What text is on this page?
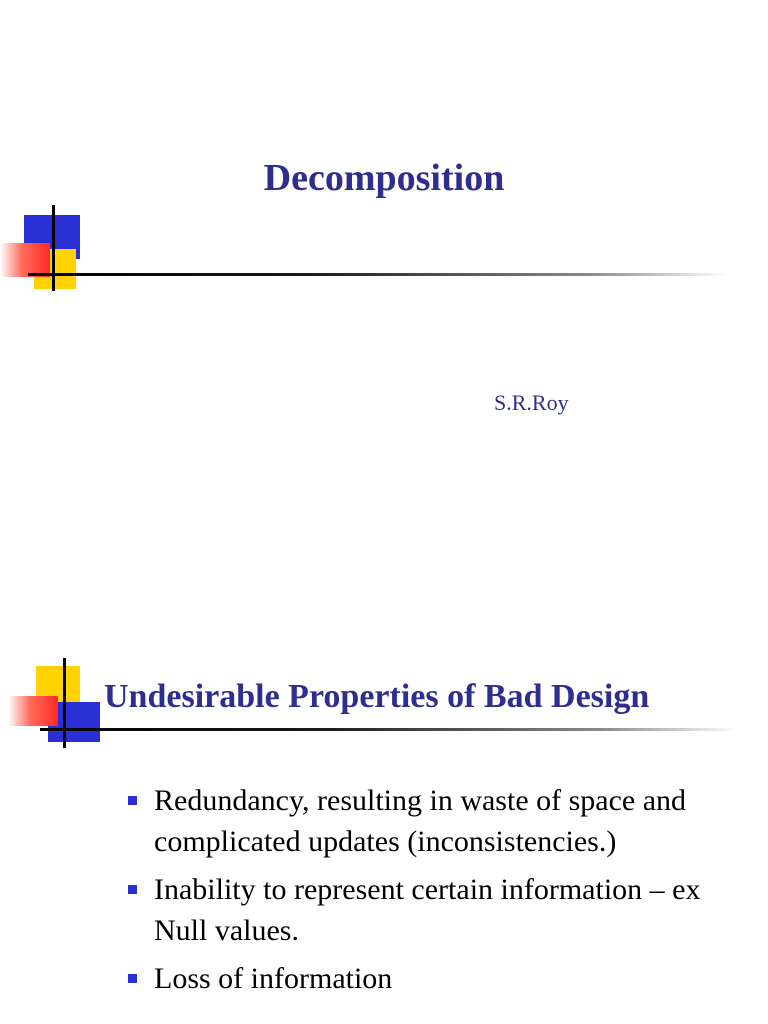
Decomposition
S.R.Roy
Undesirable Properties of Bad Design
Redundancy, resulting in waste of space and complicated updates (inconsistencies.)
Inability to represent certain information – ex Null values.
Loss of information
